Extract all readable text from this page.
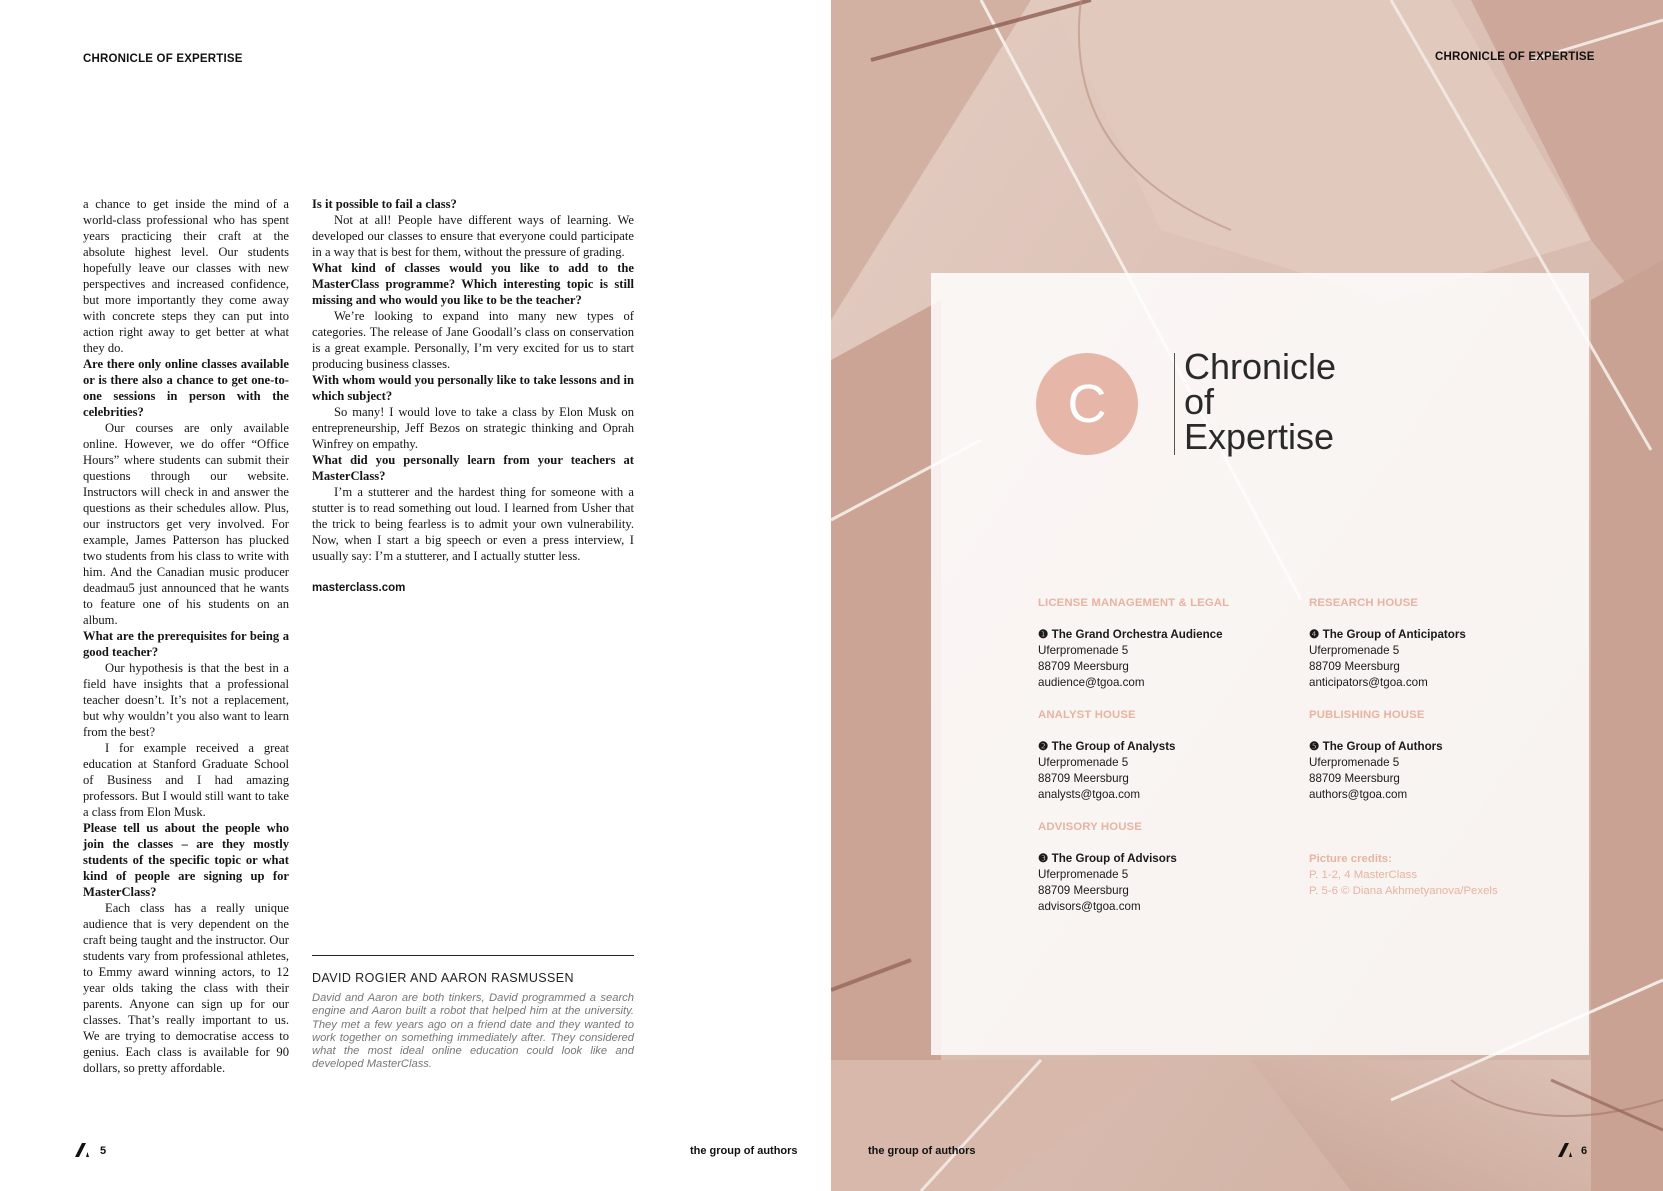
CHRONICLE OF EXPERTISE

a chance to get inside the mind of a world-class professional who has spent years practicing their craft at the absolute highest level. Our students hopefully leave our classes with new perspectives and increased confidence, but more importantly they come away with concrete steps they can put into action right away to get better at what they do.

Are there only online classes available or is there also a chance to get one-to-one sessions in person with the celebrities?

Our courses are only available online. However, we do offer “Office Hours” where students can submit their questions through our website. Instructors will check in and answer the questions as their schedules allow. Plus, our instructors get very involved. For example, James Patterson has plucked two students from his class to write with him. And the Canadian music producer deadmau5 just announced that he wants to feature one of his students on an album.

What are the prerequisites for being a good teacher?

Our hypothesis is that the best in a field have insights that a professional teacher doesn’t. It’s not a replacement, but why wouldn’t you also want to learn from the best?

I for example received a great education at Stanford Graduate School of Business and I had amazing professors. But I would still want to take a class from Elon Musk.

Please tell us about the people who join the classes – are they mostly students of the specific topic or what kind of people are signing up for MasterClass?

Each class has a really unique audience that is very dependent on the craft being taught and the instructor. Our students vary from professional athletes, to Emmy award winning actors, to 12 year olds taking the class with their parents. Anyone can sign up for our classes. That’s really important to us. We are trying to democratise access to genius. Each class is available for 90 dollars, so pretty affordable.

Is it possible to fail a class?

Not at all! People have different ways of learning. We developed our classes to ensure that everyone could participate in a way that is best for them, without the pressure of grading.

What kind of classes would you like to add to the MasterClass programme? Which interesting topic is still missing and who would you like to be the teacher?

We’re looking to expand into many new types of categories. The release of Jane Goodall’s class on conservation is a great example. Personally, I’m very excited for us to start producing business classes.

With whom would you personally like to take lessons and in which subject?

So many! I would love to take a class by Elon Musk on entrepreneurship, Jeff Bezos on strategic thinking and Oprah Winfrey on empathy.

What did you personally learn from your teachers at MasterClass?

I’m a stutterer and the hardest thing for someone with a stutter is to read something out loud. I learned from Usher that the trick to being fearless is to admit your own vulnerability. Now, when I start a big speech or even a press interview, I usually say: I’m a stutterer, and I actually stutter less.

masterclass.com

DAVID ROGIER AND AARON RASMUSSEN
David and Aaron are both tinkers, David programmed a search engine and Aaron built a robot that helped him at the university. They met a few years ago on a friend date and they wanted to work together on something immediately after. They considered what the most ideal online education could look like and developed MasterClass.
5	the group of authors
CHRONICLE OF EXPERTISE
C
Chronicle
of
Expertise
LICENSE MANAGEMENT & LEGAL
❶ The Grand Orchestra Audience
Uferpromenade 5
88709 Meersburg
audience@tgoa.com
ANALYST HOUSE
❷ The Group of Analysts
Uferpromenade 5
88709 Meersburg
analysts@tgoa.com
ADVISORY HOUSE
❸ The Group of Advisors
Uferpromenade 5
88709 Meersburg
advisors@tgoa.com
RESEARCH HOUSE
❹ The Group of Anticipators
Uferpromenade 5
88709 Meersburg
anticipators@tgoa.com
PUBLISHING HOUSE
❺ The Group of Authors
Uferpromenade 5
88709 Meersburg
authors@tgoa.com
Picture credits:
P. 1-2, 4 MasterClass
P. 5-6 © Diana Akhmetyanova/Pexels
the group of authors	6
